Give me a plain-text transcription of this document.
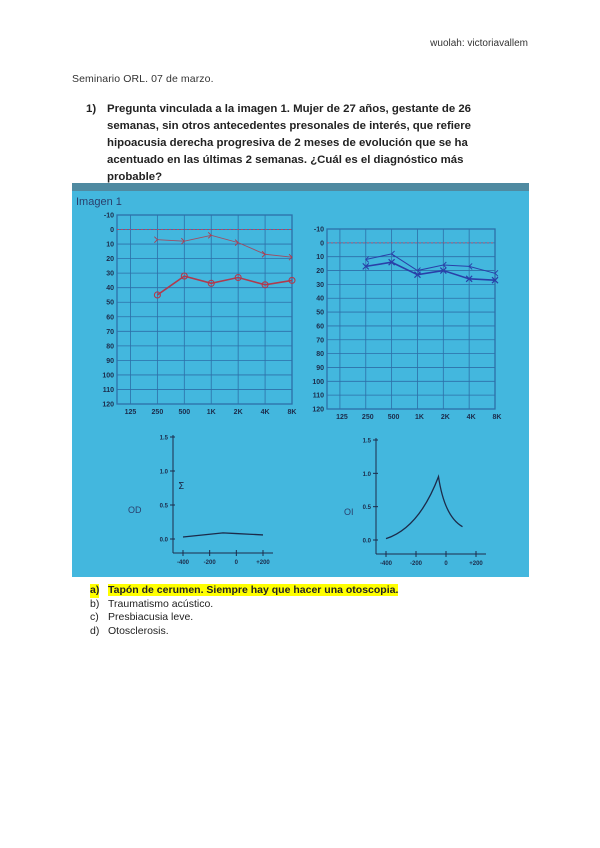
wuolah: victoriavallem
Seminario ORL. 07 de marzo.
1) Pregunta vinculada a la imagen 1. Mujer de 27 años, gestante de 26 semanas, sin otros antecedentes presonales de interés, que refiere hipoacusia derecha progresiva de 2 meses de evolución que se ha acentuado en las últimas 2 semanas. ¿Cuál es el diagnóstico más probable?
Imagen 1
-10
0
10
20
30
40
50
60
70
80
90
100
110
120
125 250 500 1K	2K	4K	8K
-10
0
10
20
30
40
50
60
70
80
90
100
110
120
125 250 500 1K 2K 4K 8K
1.5
1.0
0.5
0.0
-400 -200	0	+200
OD
Ʃ
1.5
1.0
0.5
0.0
-400	-200	0	+200
OI
a) Tapón de cerumen. Siempre hay que hacer una otoscopia.
b) Traumatismo acústico.
c) Presbiacusia leve.
d) Otosclerosis.
